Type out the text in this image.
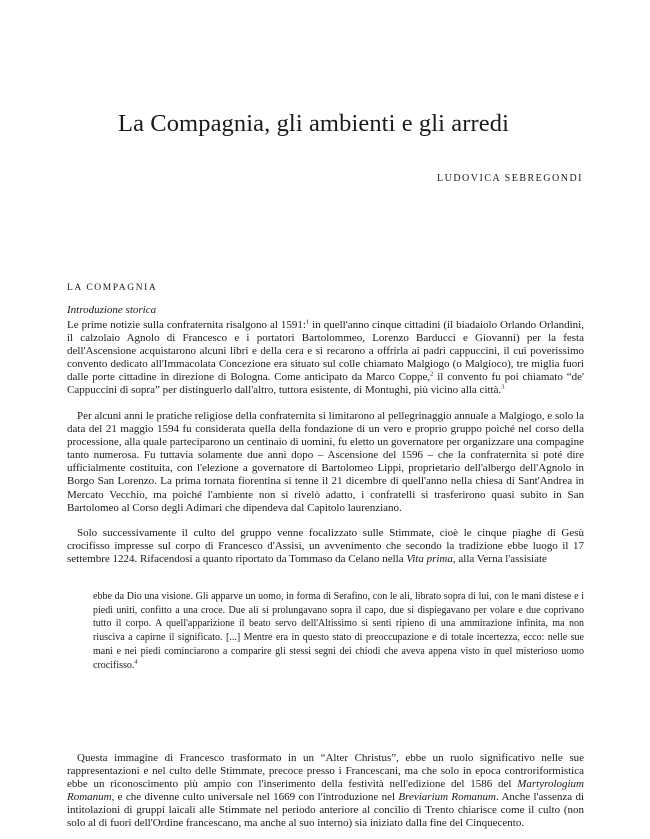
La Compagnia, gli ambienti e gli arredi
LUDOVICA SEBREGONDI
LA COMPAGNIA
Introduzione storica

Le prime notizie sulla confraternita risalgono al 1591:$^1$ in quell'anno cinque cittadini (il biadaiolo Orlando Orlandini, il calzolaio Agnolo di Francesco e i portatori Bartolommeo, Lorenzo Barducci e Giovanni) per la festa dell'Ascensione acquistarono alcuni libri e della cera e si recarono a offrirla ai padri cappuccini, il cui poverissimo convento dedicato all'Immacolata Concezione era situato sul colle chiamato Malgiogo (o Malgioco), tre miglia fuori dalle porte cittadine in direzione di Bologna. Come anticipato da Marco Coppe,$^2$ il convento fu poi chiamato “de' Cappuccini di sopra” per distinguerlo dall'altro, tuttora esistente, di Montughi, più vicino alla città.$^3$

Per alcuni anni le pratiche religiose della confraternita si limitarono al pellegrinaggio annuale a Malgiogo, e solo la data del 21 maggio 1594 fu considerata quella della fondazione di un vero e proprio gruppo poiché nel corso della processione, alla quale parteciparono un centinaio di uomini, fu eletto un governatore per organizzare una compagine tanto numerosa. Fu tuttavia solamente due anni dopo – Ascensione del 1596 – che la confraternita si poté dire ufficialmente costituita, con l'elezione a governatore di Bartolomeo Lippi, proprietario dell'albergo dell'Agnolo in Borgo San Lorenzo. La prima tornata fiorentina si tenne il 21 dicembre di quell'anno nella chiesa di Sant'Andrea in Mercato Vecchio, ma poiché l'ambiente non si rivelò adatto, i confratelli si trasferirono quasi subito in San Bartolomeo al Corso degli Adimari che dipendeva dal Capitolo laurenziano.

Solo successivamente il culto del gruppo venne focalizzato sulle Stimmate, cioè le cinque piaghe di Gesù crocifisso impresse sul corpo di Francesco d'Assisi, un avvenimento che secondo la tradizione ebbe luogo il 17 settembre 1224. Rifacendosi a quanto riportato da Tommaso da Celano nella Vita prima, alla Verna l'assisiate

ebbe da Dio una visione. Gli apparve un uomo, in forma di Serafino, con le ali, librato sopra di lui, con le mani distese e i piedi uniti, confitto a una croce. Due ali si prolungavano sopra il capo, due si dispiegavano per volare e due coprivano tutto il corpo. A quell'apparizione il beato servo dell'Altissimo si sentì ripieno di una ammirazione infinita, ma non riusciva a capirne il significato. [...] Mentre era in questo stato di preoccupazione e di totale incertezza, ecco: nelle sue mani e nei piedi cominciarono a comparire gli stessi segni dei chiodi che aveva appena visto in quel misterioso uomo crocifisso.$^4$

Questa immagine di Francesco trasformato in un “Alter Christus”, ebbe un ruolo significativo nelle sue rappresentazioni e nel culto delle Stimmate, precoce presso i Francescani, ma che solo in epoca controriformistica ebbe un riconoscimento più ampio con l'inserimento della festività nell'edizione del 1586 del Martyrologium Romanum, e che divenne culto universale nel 1669 con l'introduzione nel Breviarium Romanum. Anche l'assenza di intitolazioni di gruppi laicali alle Stimmate nel periodo anteriore al concilio di Trento chiarisce come il culto (non solo al di fuori dell'Ordine francescano, ma anche al suo interno) sia iniziato dalla fine del Cinquecento.
